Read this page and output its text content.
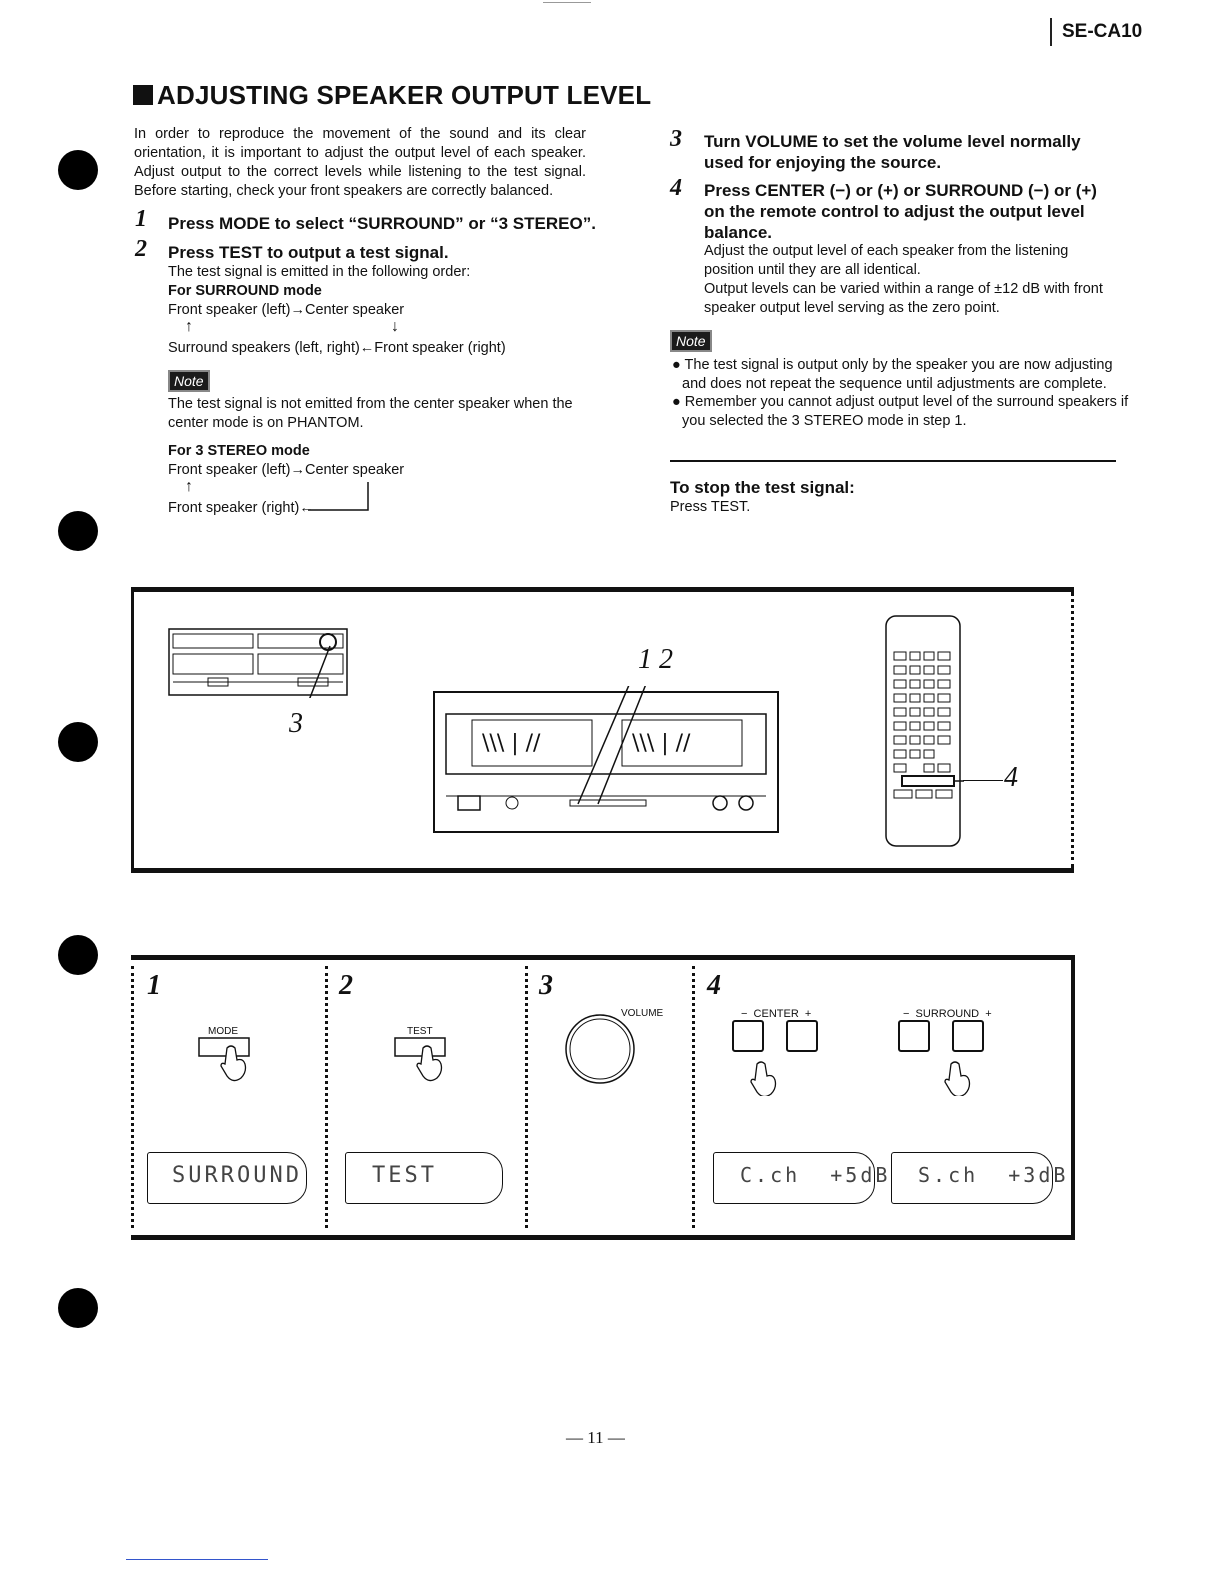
SE-CA10
ADJUSTING SPEAKER OUTPUT LEVEL
In order to reproduce the movement of the sound and its clear orientation, it is important to adjust the output level of each speaker. Adjust output to the correct levels while listening to the test signal. Before starting, check your front speakers are correctly balanced.
1 Press MODE to select “SURROUND” or “3 STEREO”.
2 Press TEST to output a test signal.
The test signal is emitted in the following order:
For SURROUND mode
Front speaker (left)→Center speaker
↑	↓
Surround speakers (left, right)←Front speaker (right)
Note
The test signal is not emitted from the center speaker when the center mode is on PHANTOM.
For 3 STEREO mode
Front speaker (left)→Center speaker
↑
Front speaker (right)←
3 Turn VOLUME to set the volume level normally used for enjoying the source.
4 Press CENTER (−) or (+) or SURROUND (−) or (+) on the remote control to adjust the output level balance.
Adjust the output level of each speaker from the listening position until they are all identical.
Output levels can be varied within a range of ±12 dB with front speaker output level serving as the zero point.
Note
● The test signal is output only by the speaker you are now adjusting and does not repeat the sequence until adjustments are complete.
● Remember you cannot adjust output level of the surround speakers if you selected the 3 STEREO mode in step 1.
To stop the test signal:
Press TEST.
3
\\\ | //	\\\ | //
1 2
4
1
MODE
SURROUND
2
TEST
TEST
3
VOLUME
4
−  CENTER  +	−  SURROUND  +
C.ch  +5dB S.ch  +3dB
— 11 —
